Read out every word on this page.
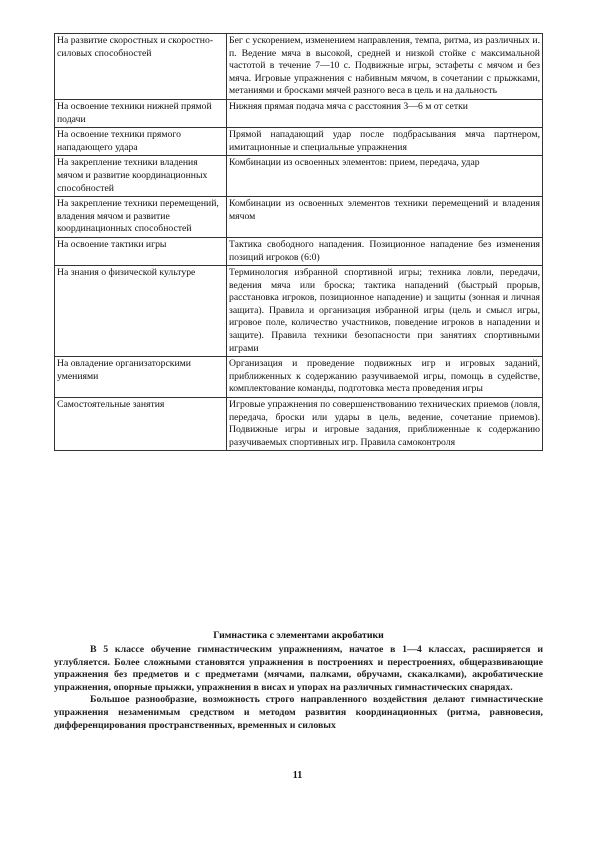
На развитие скоростных и скоростно-силовых способностей	Бег с ускорением, изменением направления, темпа, ритма, из различных и. п. Ведение мяча в высокой, средней и низкой стойке с максимальной частотой в течение 7—10 с. Подвижные игры, эстафеты с мячом и без мяча. Игровые упражнения с набивным мячом, в сочетании с прыжками, метаниями и бросками мячей разного веса в цель и на дальность
На освоение техники нижней прямой подачи	Нижняя прямая подача мяча с расстояния 3—6 м от сетки
На освоение техники прямого нападающего удара	Прямой нападающий удар после подбрасывания мяча партнером, имитационные и специальные упражнения
На закрепление техники владения мячом и развитие координационных способностей	Комбинации из освоенных элементов: прием, передача, удар
На закрепление техники перемещений, владения мячом и развитие координационных способностей	Комбинации из освоенных элементов техники перемещений и владения мячом
На освоение тактики игры	Тактика свободного нападения. Позиционное нападение без изменения позиций игроков (6:0)
На знания о физической культуре	Терминология избранной спортивной игры; техника ловли, передачи, ведения мяча или броска; тактика нападений (быстрый прорыв, расстановка игроков, позиционное нападение) и защиты (зонная и личная защита). Правила и организация избранной игры (цель и смысл игры, игровое поле, количество участников, поведение игроков в нападении и защите). Правила техники безопасности при занятиях спортивными играми
На овладение организаторскими умениями	Организация и проведение подвижных игр и игровых заданий, приближенных к содержанию разучиваемой игры, помощь в судействе, комплектование команды, подготовка места проведения игры
Самостоятельные занятия	Игровые упражнения по совершенствованию технических приемов (ловля, передача, броски или удары в цель, ведение, сочетание приемов). Подвижные игры и игровые задания, приближенные к содержанию разучиваемых спортивных игр. Правила самоконтроля
Гимнастика с элементами акробатики

В 5 классе обучение гимнастическим упражнениям, начатое в 1—4 классах, расширяется и углубляется. Более сложными становятся упражнения в построениях и перестроениях, общеразвивающие упражнения без предметов и с предметами (мячами, палками, обручами, скакалками), акробатические упражнения, опорные прыжки, упражнения в висах и упорах на различных гимнастических снарядах.

Большое разнообразие, возможность строго направленного воздействия делают гимнастические упражнения незаменимым средством и методом развития координационных (ритма, равновесия, дифференцирования пространственных, временных и силовых

11
